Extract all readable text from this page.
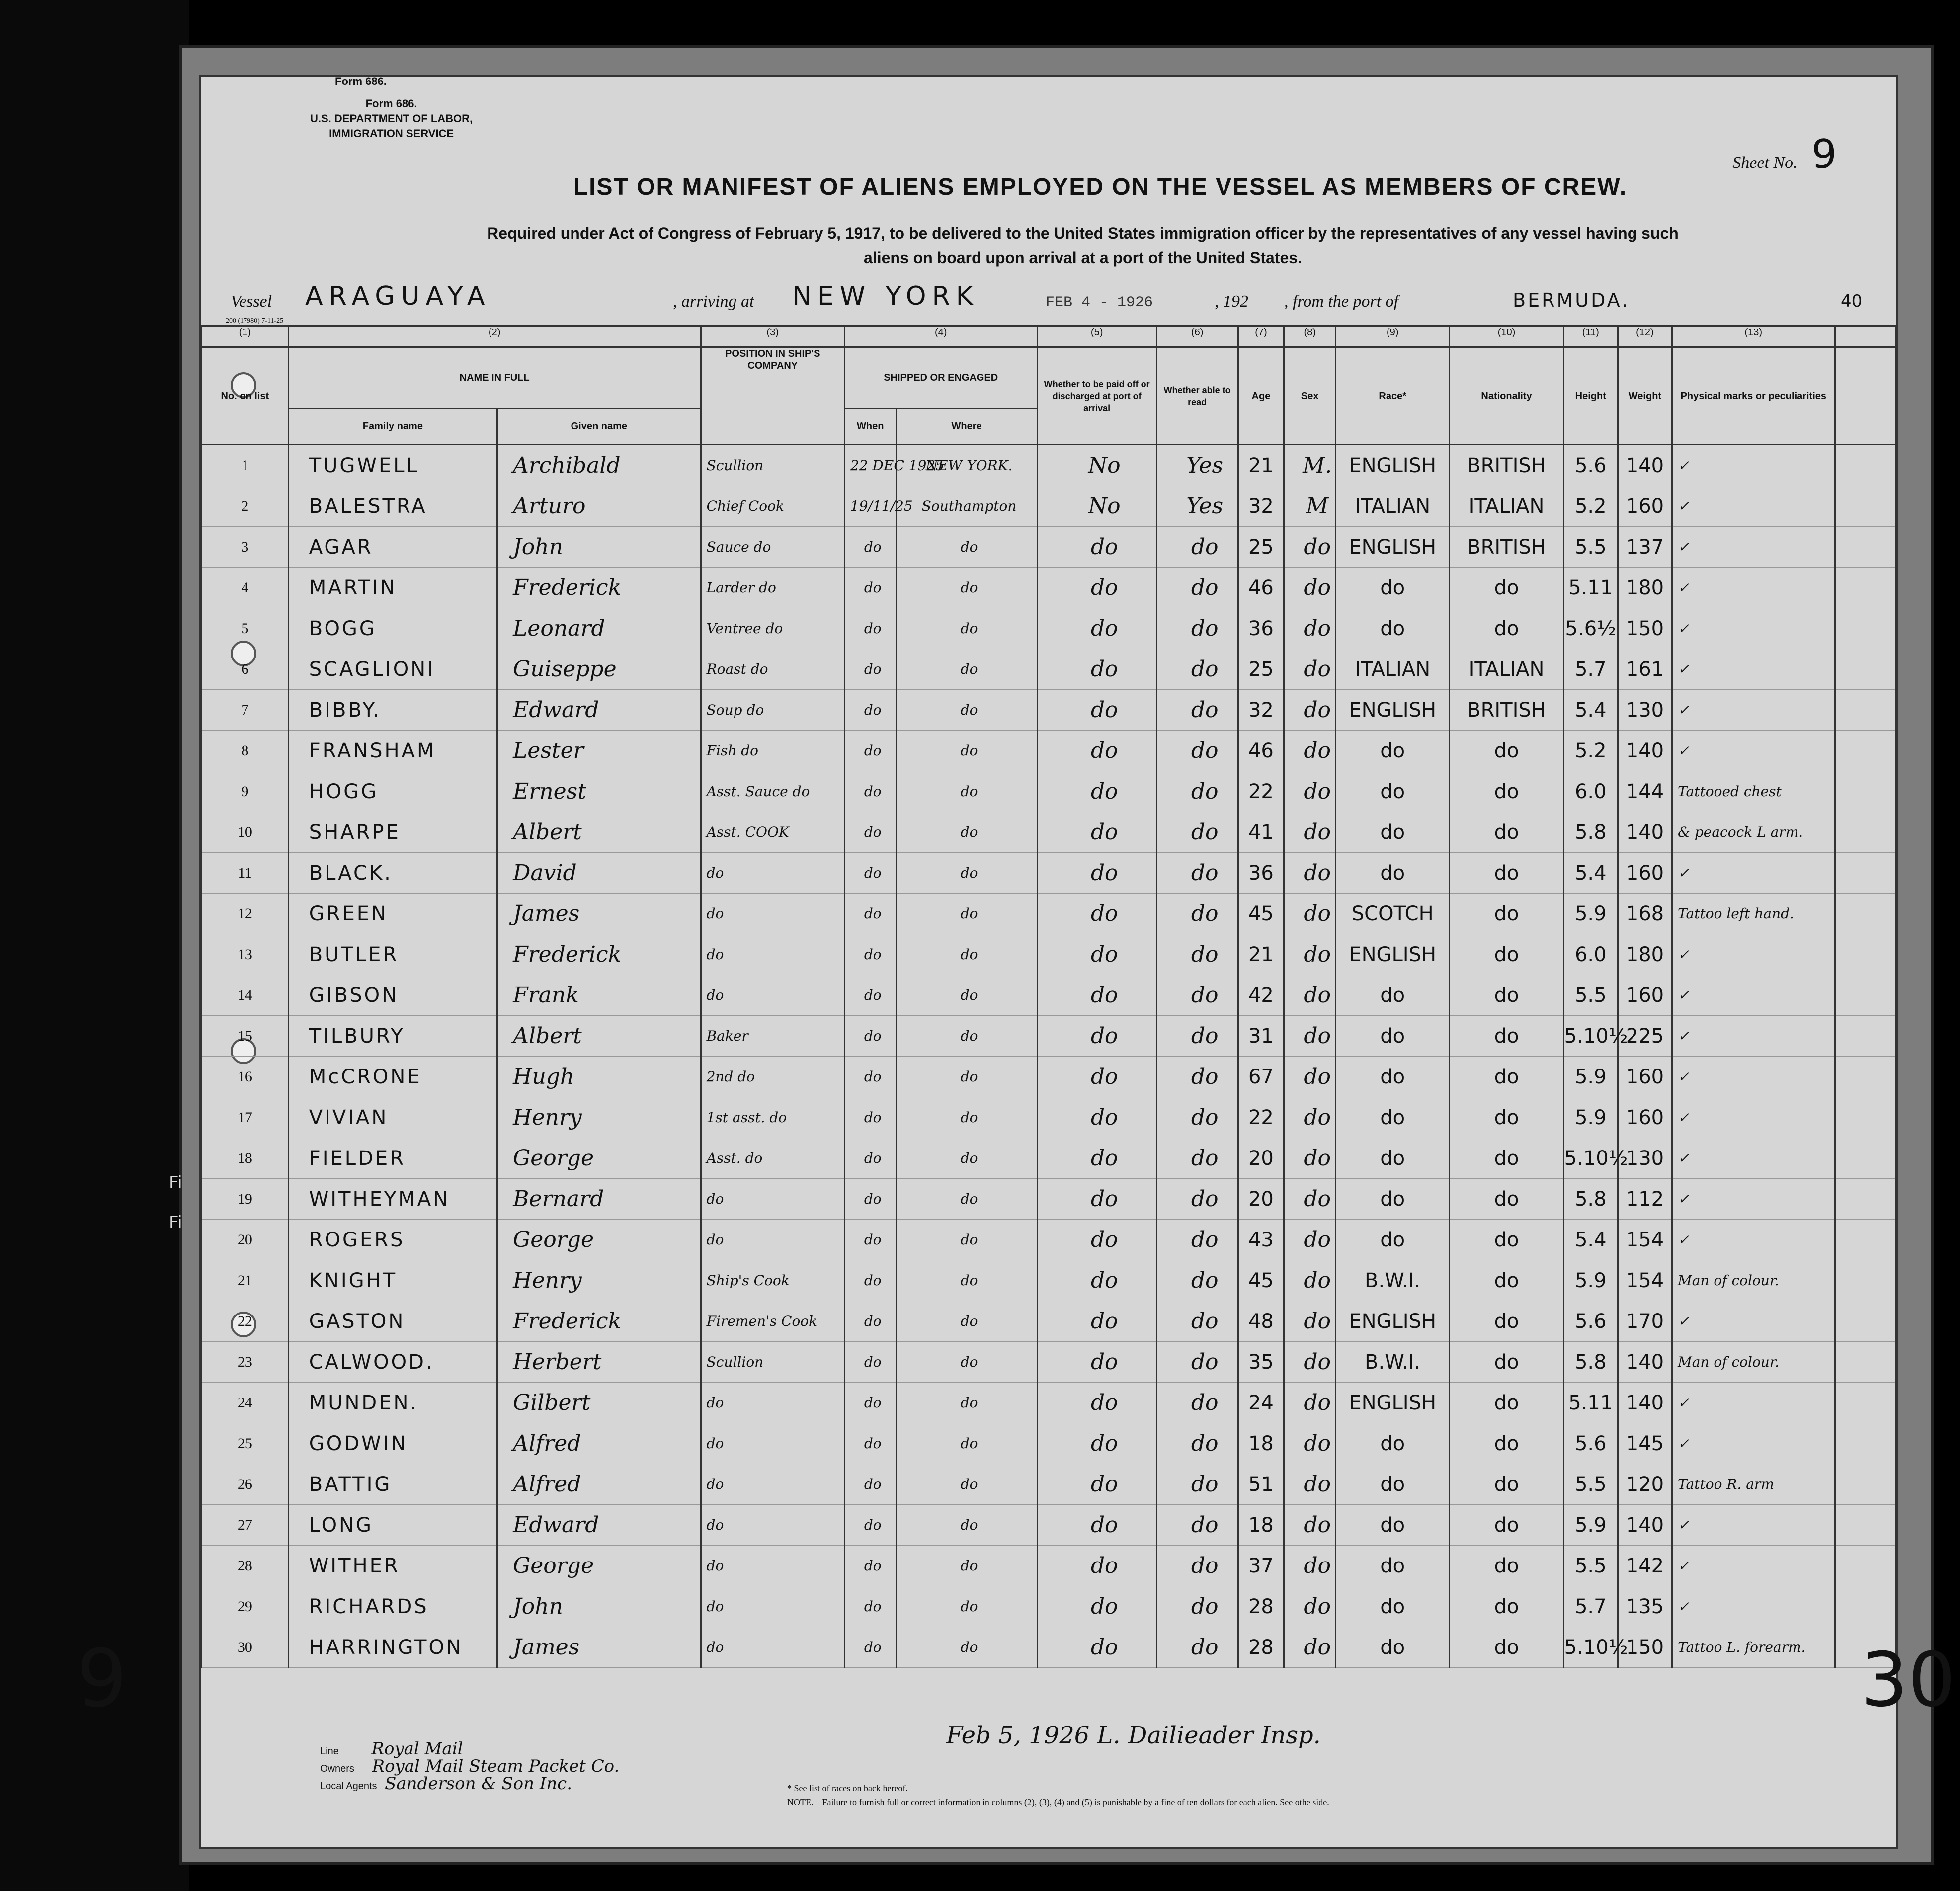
Fi
Fi
Form 686.
Form 686.
U.S. DEPARTMENT OF LABOR,
IMMIGRATION SERVICE
Sheet No. 9
LIST OR MANIFEST OF ALIENS EMPLOYED ON THE VESSEL AS MEMBERS OF CREW.
Required under Act of Congress of February 5, 1917, to be delivered to the United States immigration officer by the representatives of any vessel having such
aliens on board upon arrival at a port of the United States.
Vessel ARAGUAYA	, arriving at NEW YORK	FEB 4 - 1926	, 192 , from the port of	BERMUDA.	40
200 (17980) 7-11-25
(1)	(2)		(3)	(4)		(5)	(6)	(7)	(8)	(9)	(10)	(11)	(12)	(13)	
No. on list	NAME IN FULL		POSITION IN SHIP'S COMPANY	SHIPPED OR ENGAGED		Whether to be paid off or discharged at port of arrival	Whether able to read	Age	Sex	Race*	Nationality	Height	Weight	Physical marks or peculiarities	
	Family name	Given name		When	Where										
1	TUGWELL	Archibald	Scullion	22 DEC 1925	NEW YORK.	No	Yes	21	M.	ENGLISH	BRITISH	5.6	140	✓	
2	BALESTRA	Arturo	Chief Cook	19/11/25	Southampton	No	Yes	32	M	ITALIAN	ITALIAN	5.2	160	✓	
3	AGAR	John	Sauce do	do	do	do	do	25	do	ENGLISH	BRITISH	5.5	137	✓	
4	MARTIN	Frederick	Larder do	do	do	do	do	46	do	do	do	5.11	180	✓	
5	BOGG	Leonard	Ventree do	do	do	do	do	36	do	do	do	5.6½	150	✓	
6	SCAGLIONI	Guiseppe	Roast do	do	do	do	do	25	do	ITALIAN	ITALIAN	5.7	161	✓	
7	BIBBY.	Edward	Soup do	do	do	do	do	32	do	ENGLISH	BRITISH	5.4	130	✓	
8	FRANSHAM	Lester	Fish do	do	do	do	do	46	do	do	do	5.2	140	✓	
9	HOGG	Ernest	Asst. Sauce do	do	do	do	do	22	do	do	do	6.0	144	Tattooed chest	
10	SHARPE	Albert	Asst. COOK	do	do	do	do	41	do	do	do	5.8	140	& peacock L arm.	
11	BLACK.	David	do	do	do	do	do	36	do	do	do	5.4	160	✓	
12	GREEN	James	do	do	do	do	do	45	do	SCOTCH	do	5.9	168	Tattoo left hand.	
13	BUTLER	Frederick	do	do	do	do	do	21	do	ENGLISH	do	6.0	180	✓	
14	GIBSON	Frank	do	do	do	do	do	42	do	do	do	5.5	160	✓	
15	TILBURY	Albert	Baker	do	do	do	do	31	do	do	do	5.10½	225	✓	
16	McCRONE	Hugh	2nd do	do	do	do	do	67	do	do	do	5.9	160	✓	
17	VIVIAN	Henry	1st asst. do	do	do	do	do	22	do	do	do	5.9	160	✓	
18	FIELDER	George	Asst. do	do	do	do	do	20	do	do	do	5.10½	130	✓	
19	WITHEYMAN	Bernard	do	do	do	do	do	20	do	do	do	5.8	112	✓	
20	ROGERS	George	do	do	do	do	do	43	do	do	do	5.4	154	✓	
21	KNIGHT	Henry	Ship's Cook	do	do	do	do	45	do	B.W.I.	do	5.9	154	Man of colour.	
22	GASTON	Frederick	Firemen's Cook	do	do	do	do	48	do	ENGLISH	do	5.6	170	✓	
23	CALWOOD.	Herbert	Scullion	do	do	do	do	35	do	B.W.I.	do	5.8	140	Man of colour.	
24	MUNDEN.	Gilbert	do	do	do	do	do	24	do	ENGLISH	do	5.11	140	✓	
25	GODWIN	Alfred	do	do	do	do	do	18	do	do	do	5.6	145	✓	
26	BATTIG	Alfred	do	do	do	do	do	51	do	do	do	5.5	120	Tattoo R. arm	
27	LONG	Edward	do	do	do	do	do	18	do	do	do	5.9	140	✓	
28	WITHER	George	do	do	do	do	do	37	do	do	do	5.5	142	✓	
29	RICHARDS	John	do	do	do	do	do	28	do	do	do	5.7	135	✓	
30	HARRINGTON	James	do	do	do	do	do	28	do	do	do	5.10½	150	Tattoo L. forearm.	30
Feb 5, 1926 L. Dailieader Insp.
9
Line Royal Mail
Owners Royal Mail Steam Packet Co.
Local Agents Sanderson & Son Inc.	* See list of races on back hereof.
NOTE.—Failure to furnish full or correct information in columns (2), (3), (4) and (5) is punishable by a fine of ten dollars for each alien. See othe side.
